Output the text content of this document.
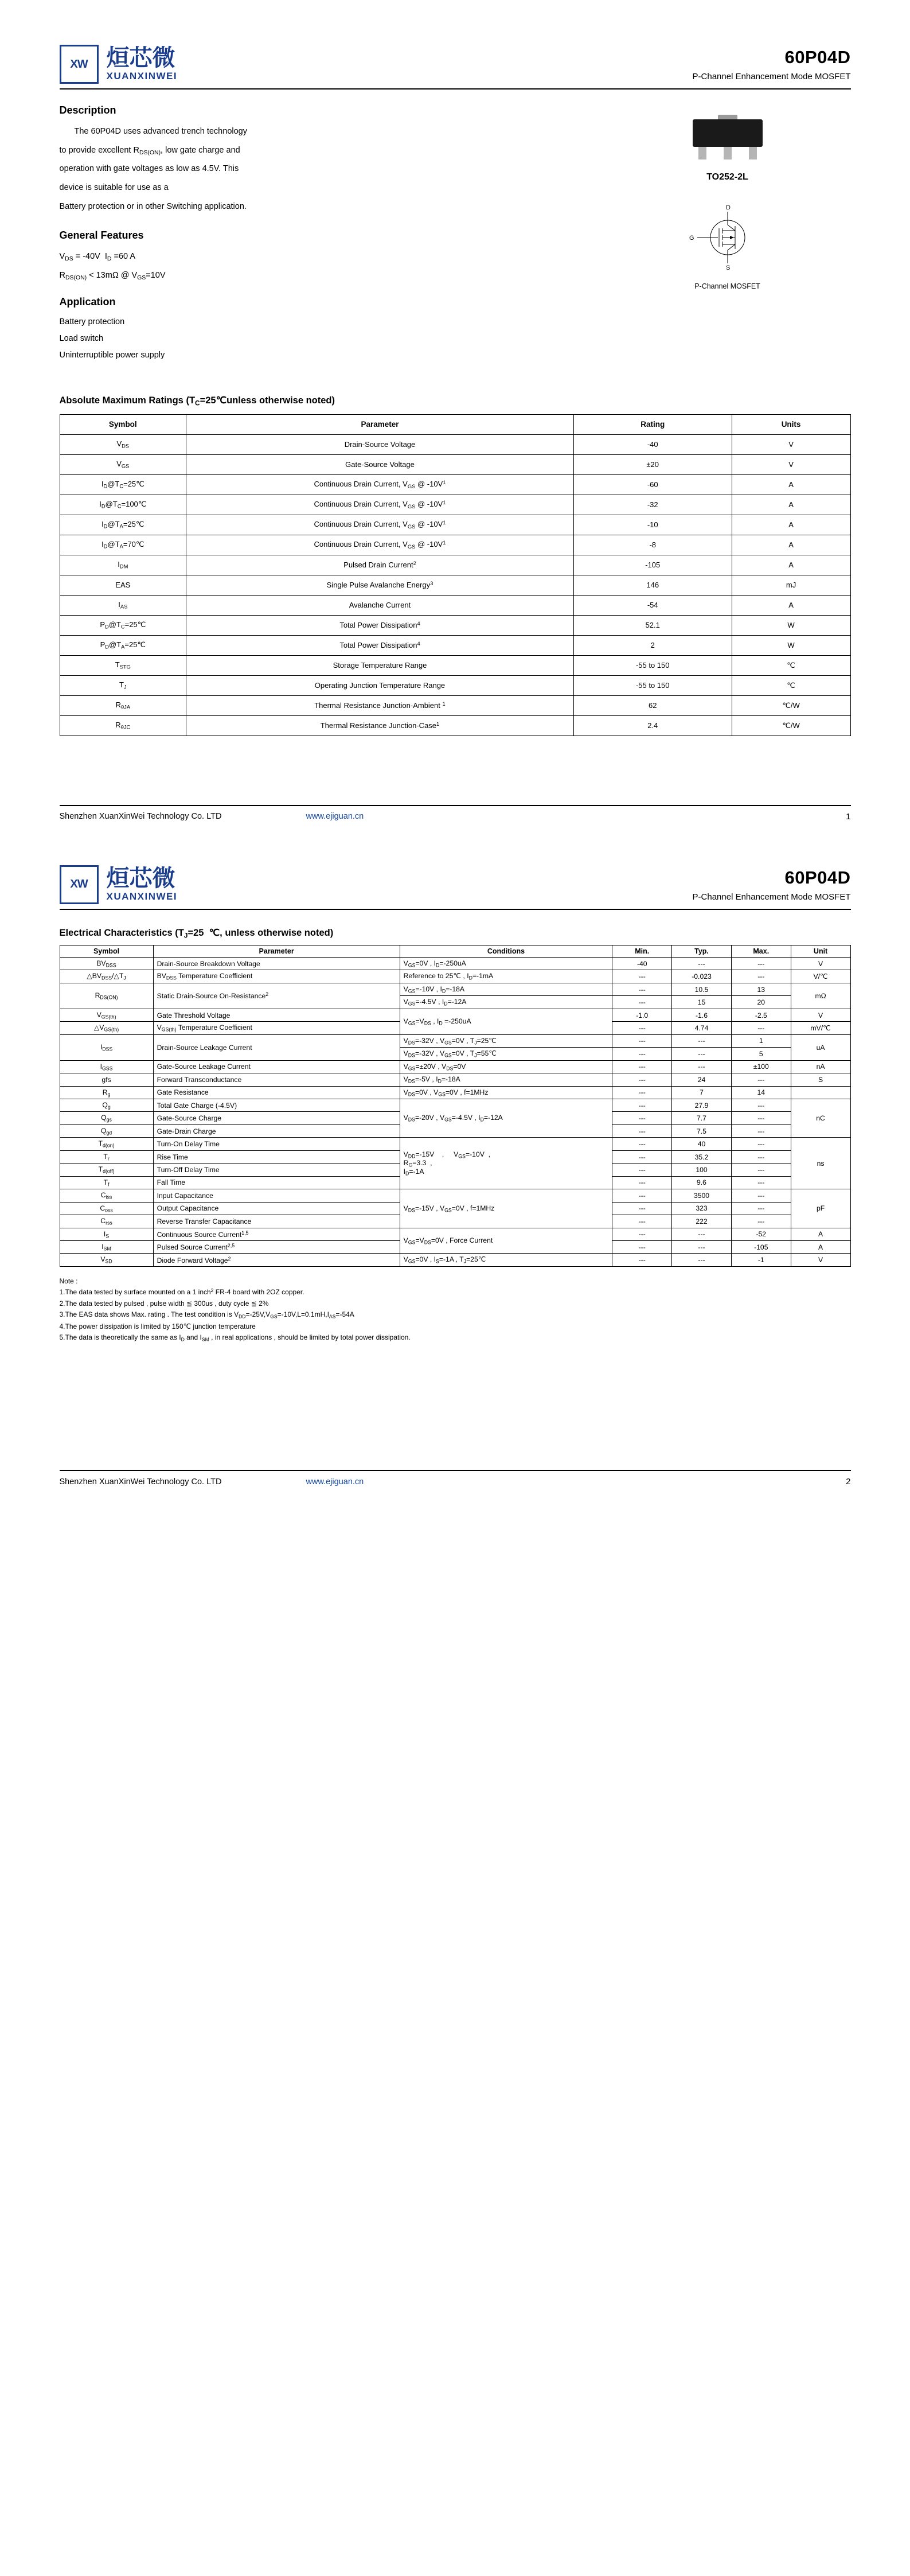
XW 烜芯微
XUANXINWEI
60P04D
P-Channel Enhancement Mode MOSFET
Description
The 60P04D uses advanced trench technology
to provide excellent $R_{DS(ON)}$, low gate charge and
operation with gate voltages as low as 4.5V. This
device is suitable for use as a
Battery protection or in other Switching application.
General Features
$V_{DS} = -40V$  $I_D =60$ A
$R_{DS(ON)} < 13m\Omega$ @ $V_{GS}=10V$
Application
Battery protection
Load switch
Uninterruptible power supply
TO252-2L
D
G
S
P-Channel MOSFET
Absolute Maximum Ratings ($T_C=25℃unless$ otherwise noted)
Symbol	Parameter	Rating	Units
$V_{DS}$	Drain-Source Voltage	-40	V
$V_{GS}$	Gate-Source Voltage	±20	V
$I_D@T_C=25℃$	Continuous Drain Current, $V_{GS}$ @ $-10V^1$	-60	A
$I_D@T_C=100℃$	Continuous Drain Current, $V_{GS}$ @ $-10V^1$	-32	A
$I_D@T_A=25℃$	Continuous Drain Current, $V_{GS}$ @ $-10V^1$	-10	A
$I_D@T_A=70℃$	Continuous Drain Current, $V_{GS}$ @ $-10V^1$	-8	A
$I_{DM}$	Pulsed Drain Current$^2$	-105	A
EAS	Single Pulse Avalanche Energy$^3$	146	mJ
$I_{AS}$	Avalanche Current	-54	A
$P_D@T_C=25℃$	Total Power Dissipation$^4$	52.1	W
$P_D@T_A=25℃$	Total Power Dissipation$^4$	2	W
$T_{STG}$	Storage Temperature Range	-55 to 150	℃
$T_J$	Operating Junction Temperature Range	-55 to 150	℃
$R_{\theta JA}$	Thermal Resistance Junction-Ambient $^1$	62	℃/W
$R_{\theta JC}$	Thermal Resistance Junction-Case$^1$	2.4	℃/W
Shenzhen XuanXinWei Technology Co. LTD	www.ejiguan.cn	1
XW 烜芯微
XUANXINWEI
60P04D
P-Channel Enhancement Mode MOSFET
Electrical Characteristics ($T_J=25$  ℃, unless otherwise noted)
Symbol	Parameter	Conditions	Min.	Typ.	Max.	Unit
$BV_{DSS}$	Drain-Source Breakdown Voltage	$V_{GS}=0V$ , $I_D=-250uA$	-40	---	---	V
$\triangle BV_{DSS}/\triangle T_J$	$BV_{DSS}$ Temperature Coefficient	Reference to 25℃ , $I_D=-1mA$	---	-0.023	---	V/℃
$R_{DS(ON)}$	Static Drain-Source On-Resistance$^2$	$V_{GS}=-10V$ , $I_D=-18A$	---	10.5	13	mΩ
		$V_{GS}=-4.5V$ , $I_D=-12A$	---	15	20	
$V_{GS(th)}$	Gate Threshold Voltage	$V_{GS}=V_{DS}$ , $I_D =-250uA$	-1.0	-1.6	-2.5	V
$\triangle V_{GS(th)}$	$V_{GS(th)}$ Temperature Coefficient		---	4.74	---	mV/℃
$I_{DSS}$	Drain-Source Leakage Current	$V_{DS}=-32V$ , $V_{GS}=0V$ , $T_J=25℃$	---	---	1	uA
		$V_{DS}=-32V$ , $V_{GS}=0V$ , $T_J=55℃$	---	---	5	
$I_{GSS}$	Gate-Source Leakage Current	$V_{GS}=\pm 20V$ , $V_{DS}=0V$	---	---	±100	nA
gfs	Forward Transconductance	$V_{DS}=-5V$ , $I_D=-18A$	---	24	---	S
$R_g$	Gate Resistance	$V_{DS}=0V$ , $V_{GS}=0V$ , f=1MHz	---	7	14	
$Q_g$	Total Gate Charge (-4.5V)	$V_{DS}=-20V$ , $V_{GS}=-4.5V$ , $I_D=-12A$	---	27.9	---	nC
$Q_{gs}$	Gate-Source Charge		---	7.7	---	
$Q_{gd}$	Gate-Drain Charge		---	7.5	---	
$T_{d(on)}$	Turn-On Delay Time	$V_{DD}=-15V$    ,     $V_{GS}=-10V$  ,
$R_G=3.3$  ,
$I_D=-1A$	---	40	---	ns
$T_r$	Rise Time		---	35.2	---	
$T_{d(off)}$	Turn-Off Delay Time		---	100	---	
$T_f$	Fall Time		---	9.6	---	
$C_{iss}$	Input Capacitance	$V_{DS}=-15V$ , $V_{GS}=0V$ , f=1MHz	---	3500	---	pF
$C_{oss}$	Output Capacitance		---	323	---	
$C_{rss}$	Reverse Transfer Capacitance		---	222	---	
$I_S$	Continuous Source Current$^{1,5}$	$V_{GS}=V_{DS}=0V$ , Force Current	---	---	-52	A
$I_{SM}$	Pulsed Source Current$^{2,5}$		---	---	-105	A
$V_{SD}$	Diode Forward Voltage$^2$	$V_{GS}=0V$ , $I_S=-1A$ , $T_J=25℃$	---	---	-1	V

Note :

1.The data tested by surface mounted on a 1 inch$^2$ FR-4 board with 2OZ copper.

2.The data tested by pulsed , pulse width ≦ 300us , duty cycle ≦ 2%

3.The EAS data shows Max. rating . The test condition is $V_{DD}=-25V,V_{GS}=-10V,L=0.1mH,I_{AS}=-54A$

4.The power dissipation is limited by 150℃ junction temperature

5.The data is theoretically the same as $I_D$ and $I_{SM}$ , in real applications , should be limited by total power dissipation.

Shenzhen XuanXinWei Technology Co. LTD	www.ejiguan.cn	2
